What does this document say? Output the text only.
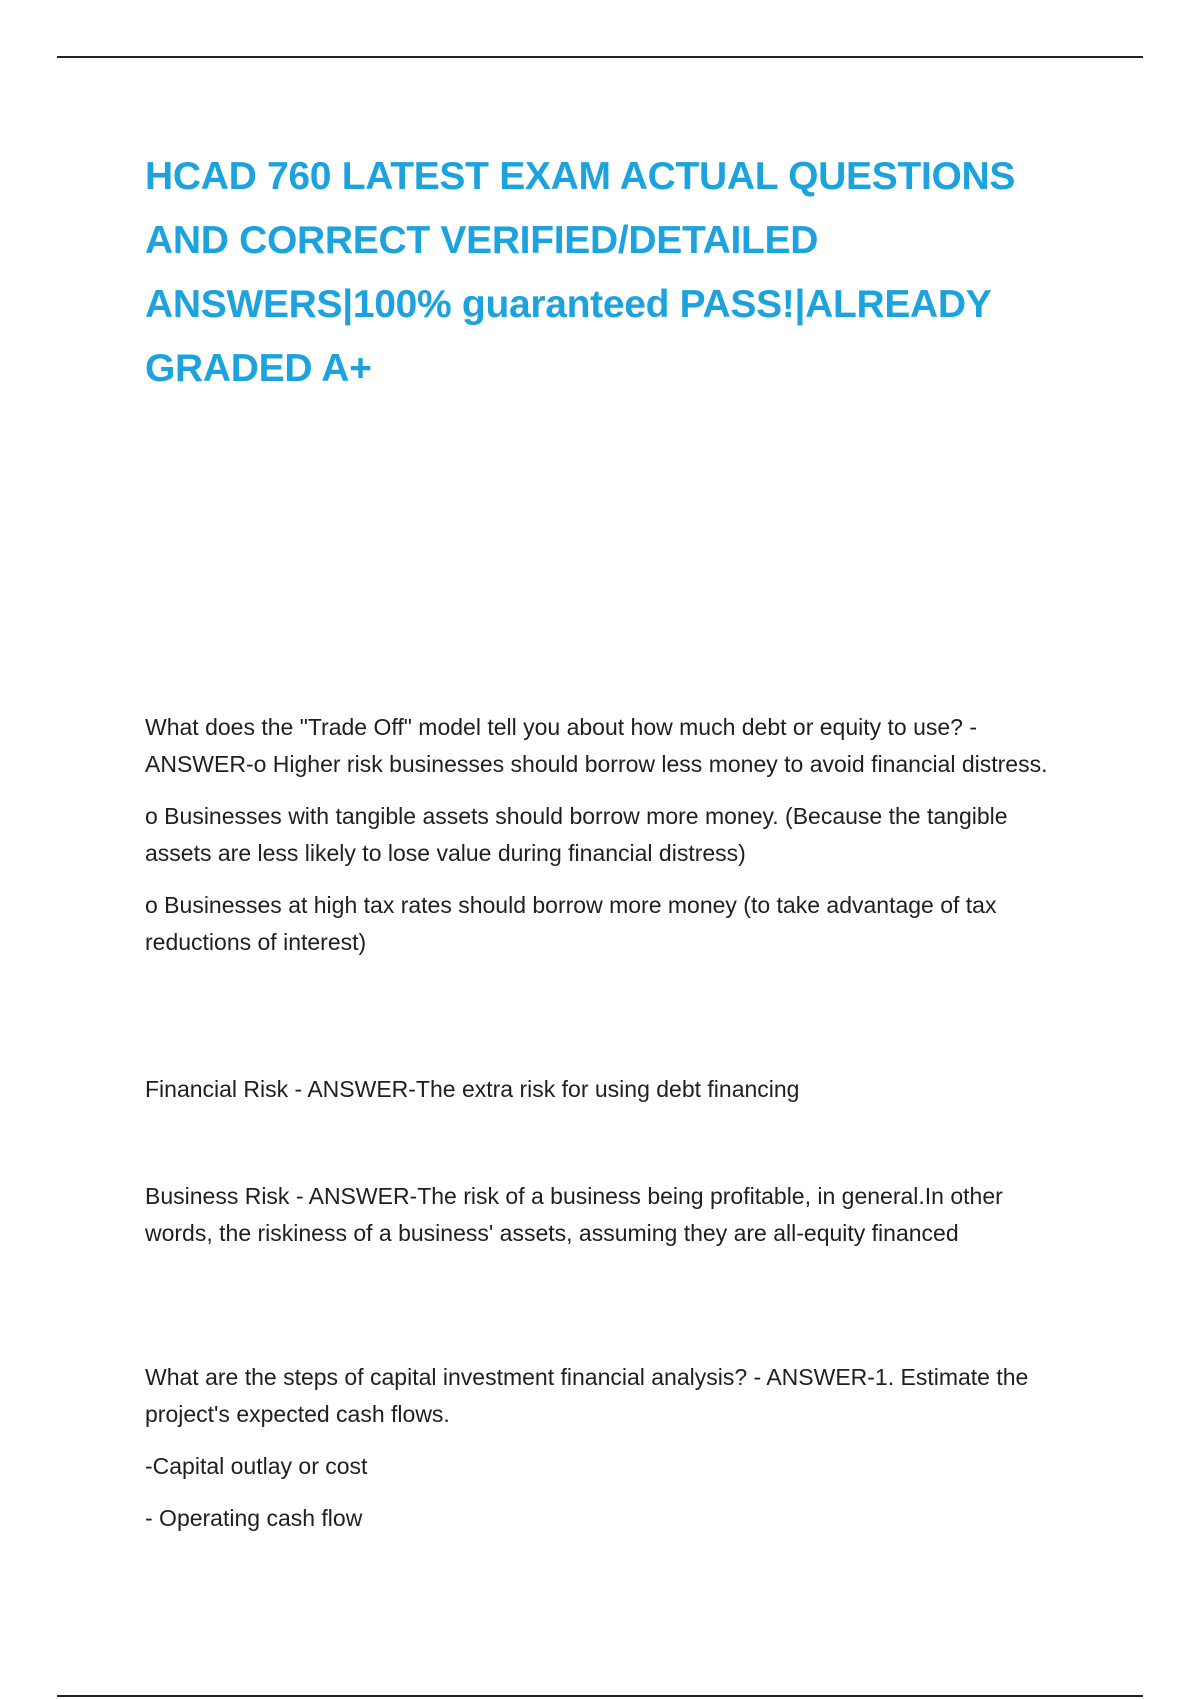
HCAD 760 LATEST EXAM ACTUAL QUESTIONS AND CORRECT VERIFIED/DETAILED ANSWERS|100% guaranteed PASS!|ALREADY GRADED A+

What does the "Trade Off" model tell you about how much debt or equity to use? - ANSWER-o Higher risk businesses should borrow less money to avoid financial distress.

o Businesses with tangible assets should borrow more money. (Because the tangible assets are less likely to lose value during financial distress)

o Businesses at high tax rates should borrow more money (to take advantage of tax reductions of interest)

Financial Risk - ANSWER-The extra risk for using debt financing

Business Risk - ANSWER-The risk of a business being profitable, in general.In other words, the riskiness of a business' assets, assuming they are all-equity financed

What are the steps of capital investment financial analysis? - ANSWER-1. Estimate the project's expected cash flows.

-Capital outlay or cost

- Operating cash flow
